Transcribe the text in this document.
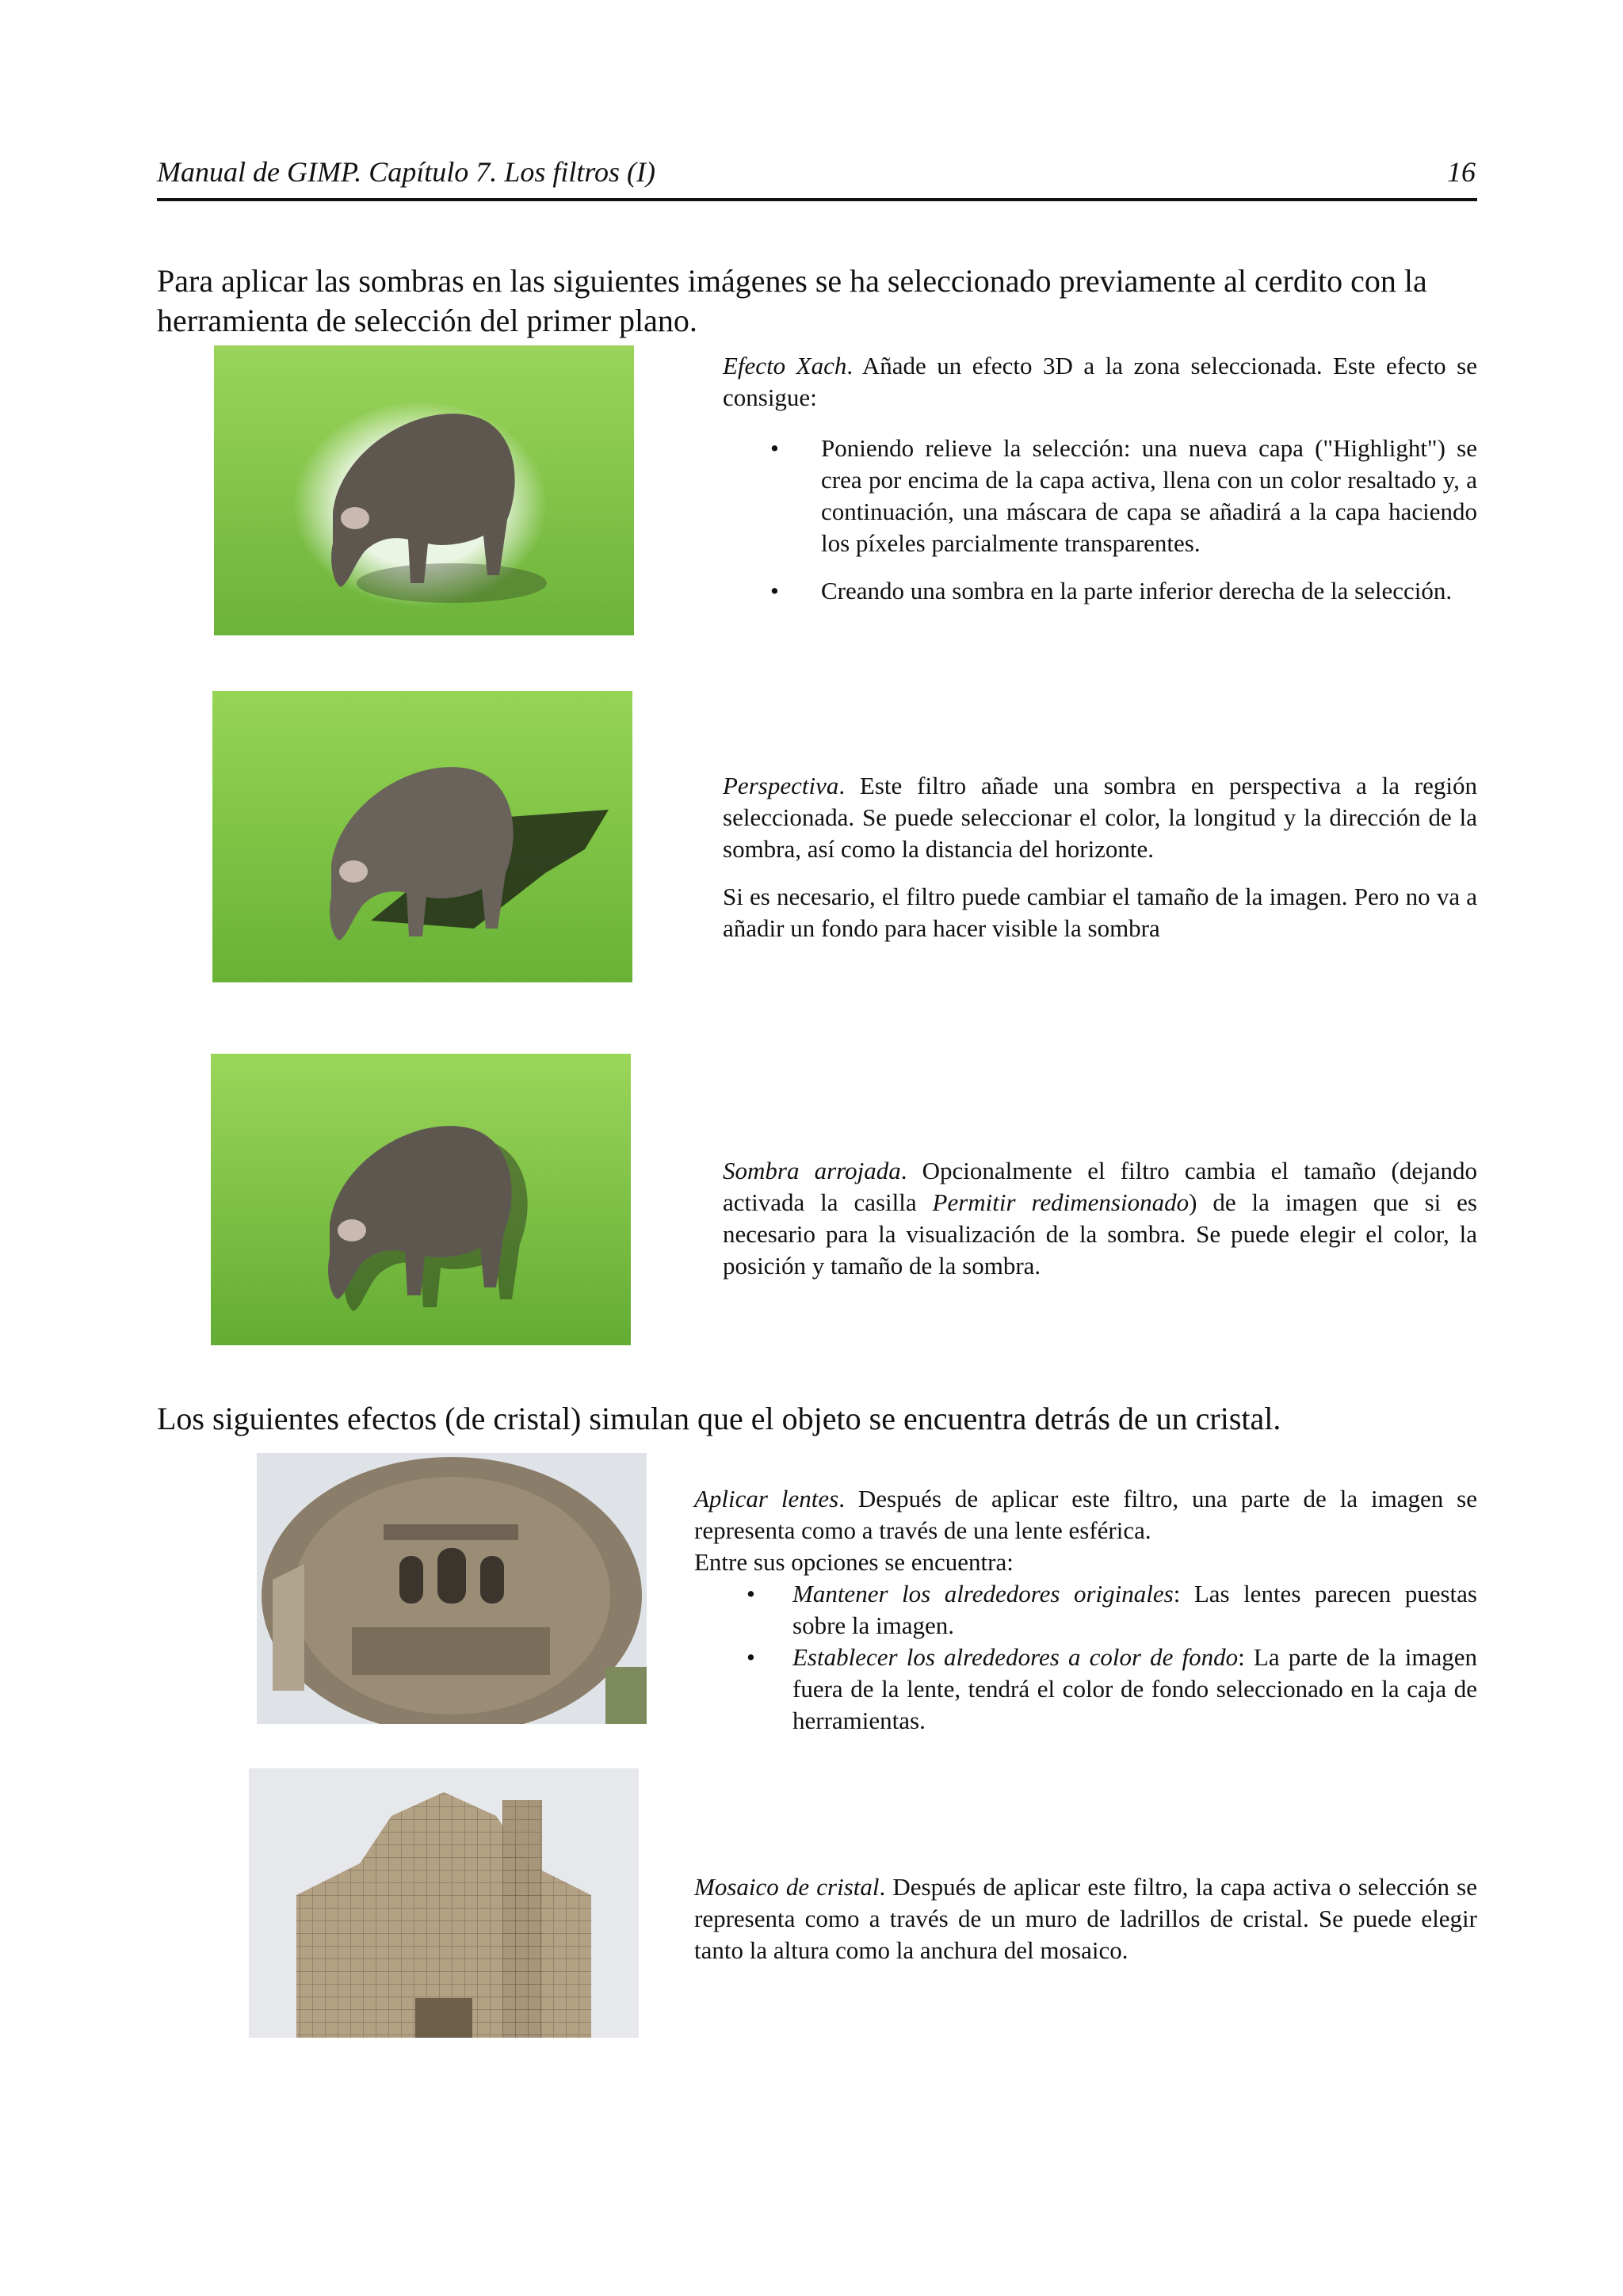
Manual de GIMP. Capítulo 7. Los filtros (I)	16
Para aplicar las sombras en las siguientes imágenes se ha seleccionado previamente al cerdito con la herramienta de selección del primer plano.

Efecto Xach. Añade un efecto 3D a la zona seleccionada. Este efecto se consigue:

• Poniendo relieve la selección: una nueva capa ("Highlight") se crea por encima de la capa activa, llena con un color resaltado y, a continuación, una máscara de capa se añadirá a la capa haciendo los píxeles parcialmente transparentes.
• Creando una sombra en la parte inferior derecha de la selección.

Perspectiva. Este filtro añade una sombra en perspectiva a la región seleccionada. Se puede seleccionar el color, la longitud y la dirección de la sombra, así como la distancia del horizonte.

Si es necesario, el filtro puede cambiar el tamaño de la imagen. Pero no va a añadir un fondo para hacer visible la sombra

Sombra arrojada. Opcionalmente el filtro cambia el tamaño (dejando activada la casilla Permitir redimensionado) de la imagen que si es necesario para la visualización de la sombra. Se puede elegir el color, la posición y tamaño de la sombra.

Los siguientes efectos (de cristal) simulan que el objeto se encuentra detrás de un cristal.

Aplicar lentes. Después de aplicar este filtro, una parte de la imagen se representa como a través de una lente esférica.

Entre sus opciones se encuentra:

• Mantener los alrededores originales: Las lentes parecen puestas sobre la imagen.
• Establecer los alrededores a color de fondo: La parte de la imagen fuera de la lente, tendrá el color de fondo seleccionado en la caja de herramientas.

Mosaico de cristal. Después de aplicar este filtro, la capa activa o selección se representa como a través de un muro de ladrillos de cristal. Se puede elegir tanto la altura como la anchura del mosaico.
